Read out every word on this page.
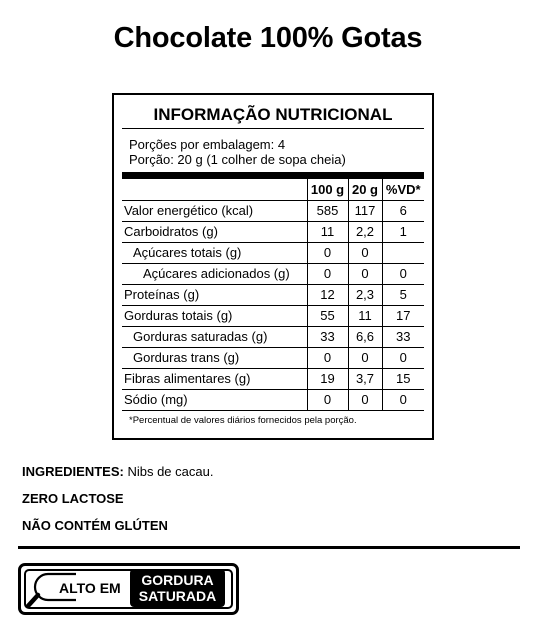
Chocolate 100% Gotas
INFORMAÇÃO NUTRICIONAL
Porções por embalagem: 4
Porção: 20 g (1 colher de sopa cheia)
	100 g	20 g	%VD*
Valor energético (kcal)	585	117	6
Carboidratos (g)	11	2,2	1
Açúcares totais (g)	0	0	
Açúcares adicionados (g)	0	0	0
Proteínas (g)	12	2,3	5
Gorduras totais (g)	55	11	17
Gorduras saturadas (g)	33	6,6	33
Gorduras trans (g)	0	0	0
Fibras alimentares (g)	19	3,7	15
Sódio (mg)	0	0	0
*Percentual de valores diários fornecidos pela porção.
INGREDIENTES: Nibs de cacau.
ZERO LACTOSE
NÃO CONTÉM GLÚTEN
ALTO EM	GORDURA
SATURADA
